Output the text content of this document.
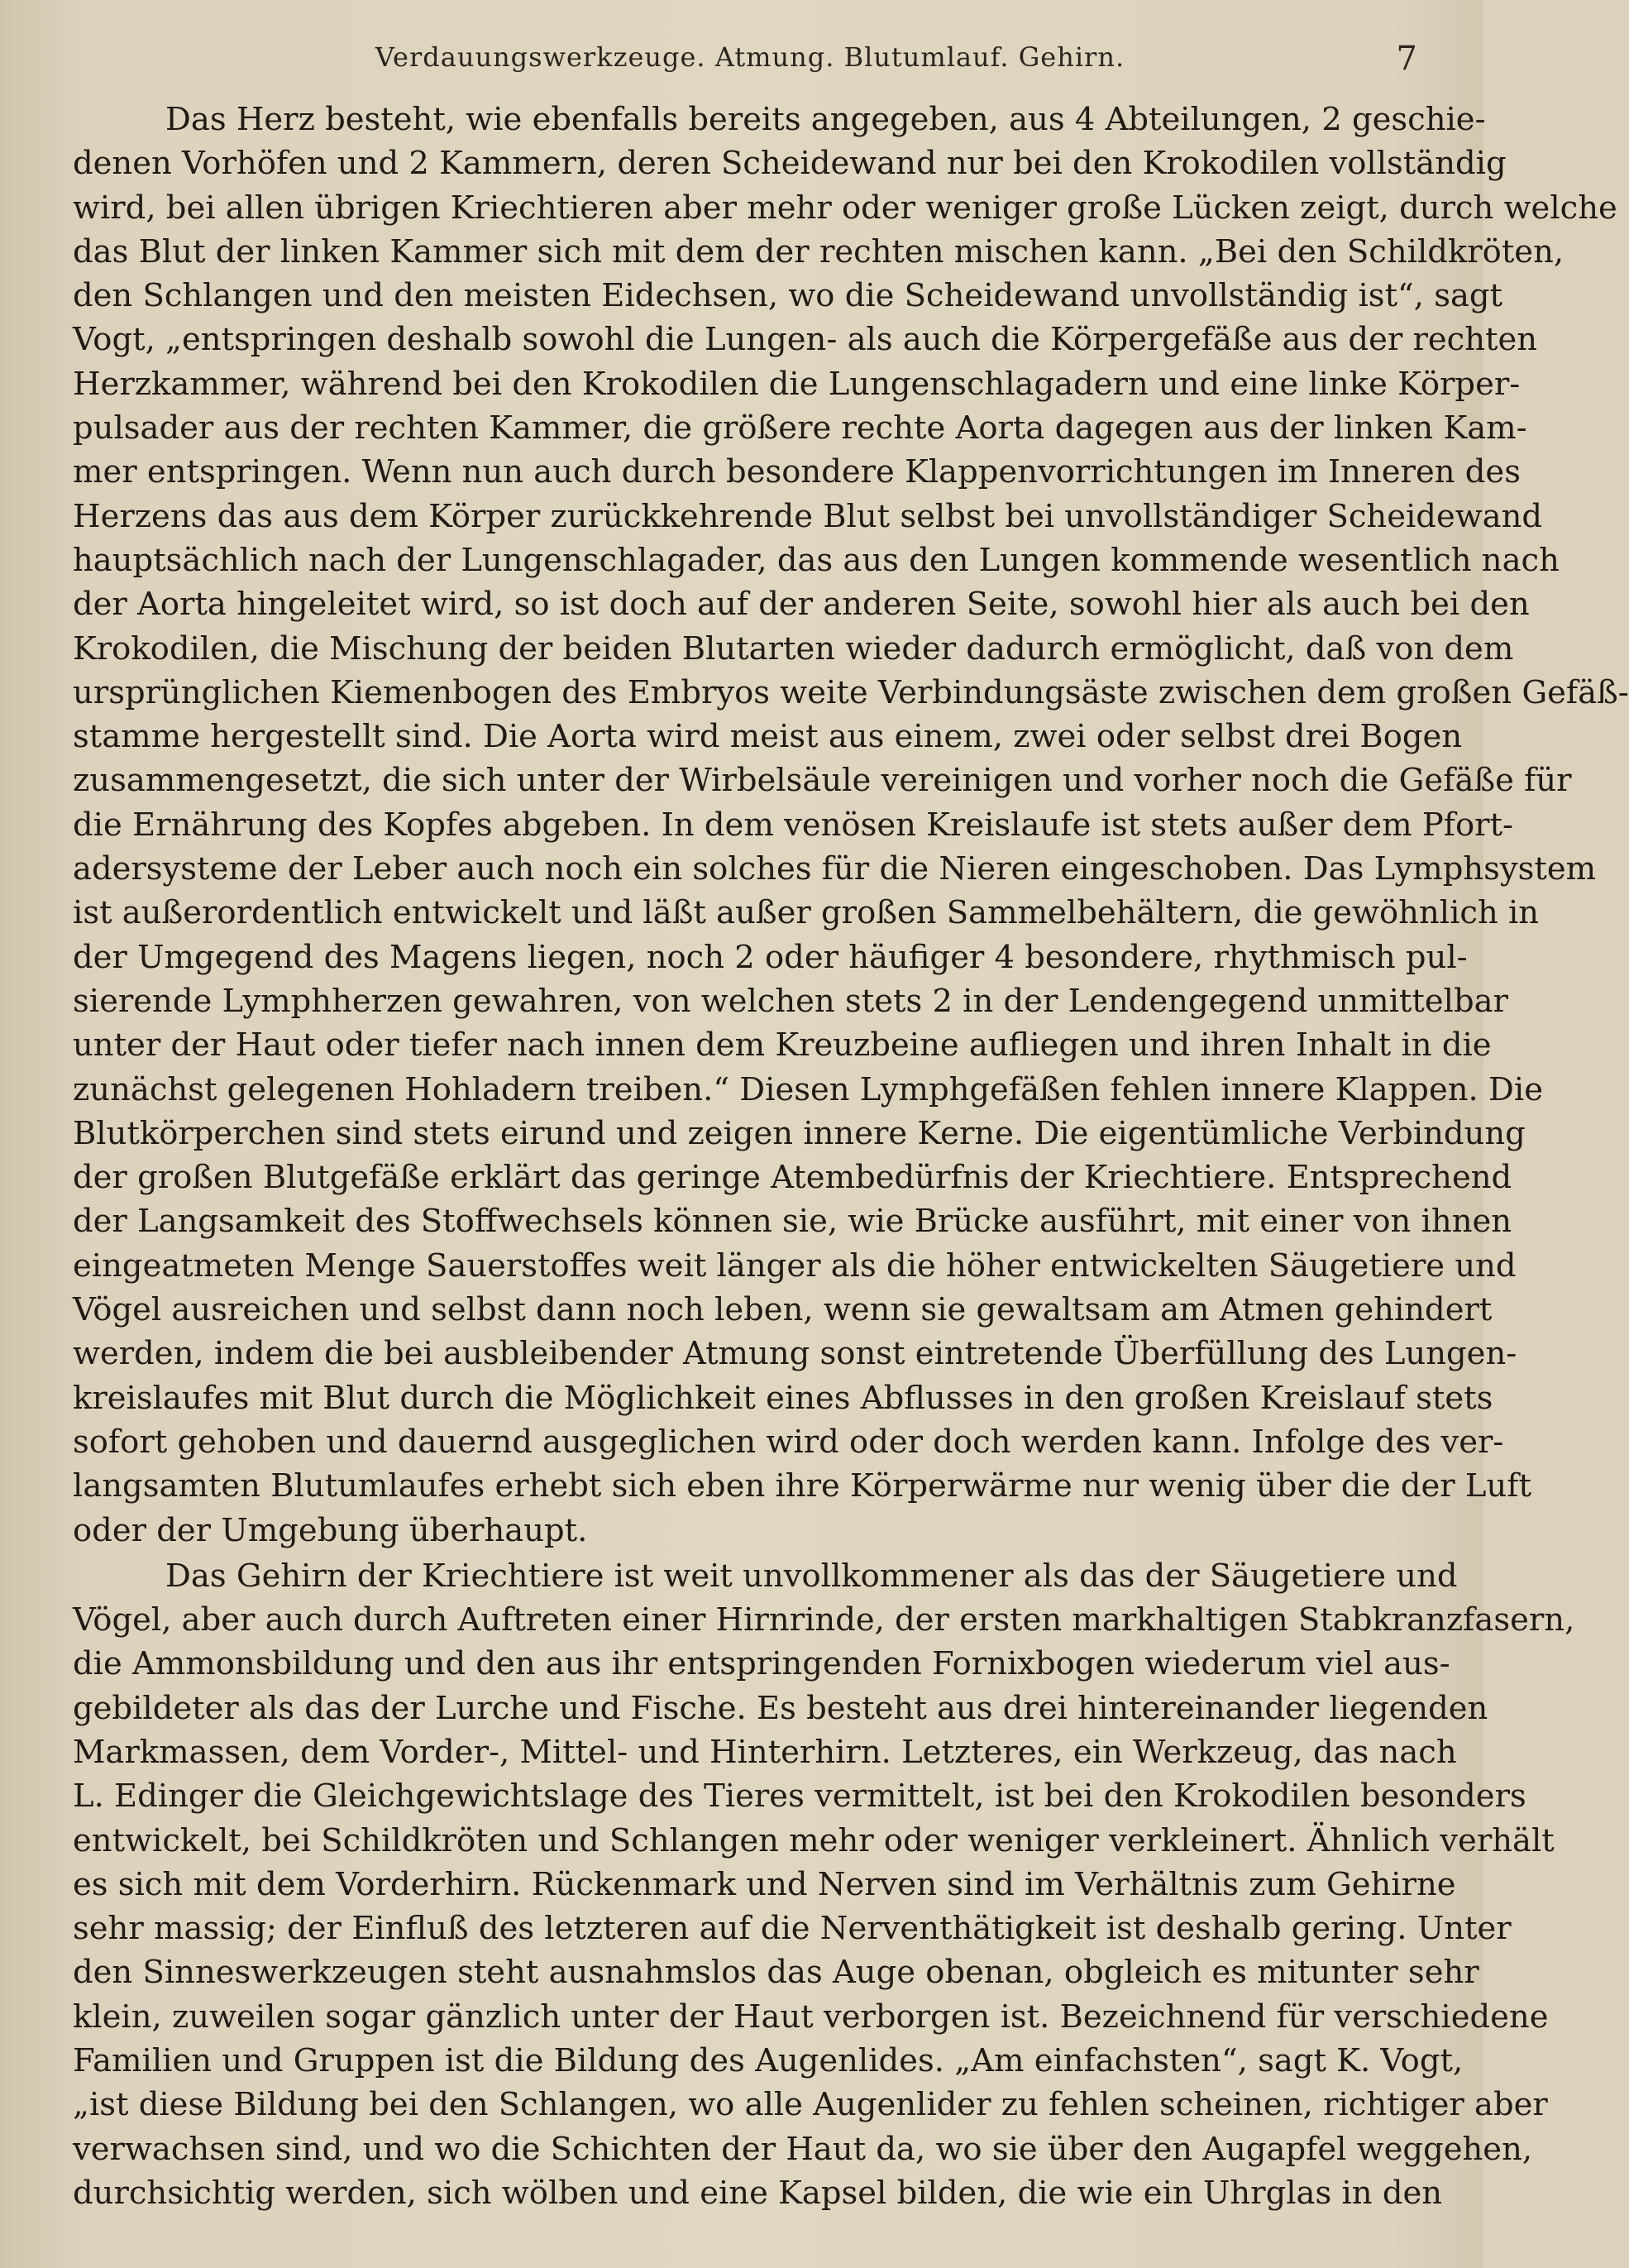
Verdauungswerkzeuge. Atmung. Blutumlauf. Gehirn.	7
Das Herz besteht, wie ebenfalls bereits angegeben, aus 4 Abteilungen, 2 geschie-
denen Vorhöfen und 2 Kammern, deren Scheidewand nur bei den Krokodilen vollständig
wird, bei allen übrigen Kriechtieren aber mehr oder weniger große Lücken zeigt, durch welche
das Blut der linken Kammer sich mit dem der rechten mischen kann. „Bei den Schildkröten,
den Schlangen und den meisten Eidechsen, wo die Scheidewand unvollständig ist“, sagt
Vogt, „entspringen deshalb sowohl die Lungen- als auch die Körpergefäße aus der rechten
Herzkammer, während bei den Krokodilen die Lungenschlagadern und eine linke Körper-
pulsader aus der rechten Kammer, die größere rechte Aorta dagegen aus der linken Kam-
mer entspringen. Wenn nun auch durch besondere Klappenvorrichtungen im Inneren des
Herzens das aus dem Körper zurückkehrende Blut selbst bei unvollständiger Scheidewand
hauptsächlich nach der Lungenschlagader, das aus den Lungen kommende wesentlich nach
der Aorta hingeleitet wird, so ist doch auf der anderen Seite, sowohl hier als auch bei den
Krokodilen, die Mischung der beiden Blutarten wieder dadurch ermöglicht, daß von dem
ursprünglichen Kiemenbogen des Embryos weite Verbindungsäste zwischen dem großen Gefäß-
stamme hergestellt sind. Die Aorta wird meist aus einem, zwei oder selbst drei Bogen
zusammengesetzt, die sich unter der Wirbelsäule vereinigen und vorher noch die Gefäße für
die Ernährung des Kopfes abgeben. In dem venösen Kreislaufe ist stets außer dem Pfort-
adersysteme der Leber auch noch ein solches für die Nieren eingeschoben. Das Lymphsystem
ist außerordentlich entwickelt und läßt außer großen Sammelbehältern, die gewöhnlich in
der Umgegend des Magens liegen, noch 2 oder häufiger 4 besondere, rhythmisch pul-
sierende Lymphherzen gewahren, von welchen stets 2 in der Lendengegend unmittelbar
unter der Haut oder tiefer nach innen dem Kreuzbeine aufliegen und ihren Inhalt in die
zunächst gelegenen Hohladern treiben.“ Diesen Lymphgefäßen fehlen innere Klappen. Die
Blutkörperchen sind stets eirund und zeigen innere Kerne. Die eigentümliche Verbindung
der großen Blutgefäße erklärt das geringe Atembedürfnis der Kriechtiere. Entsprechend
der Langsamkeit des Stoffwechsels können sie, wie Brücke ausführt, mit einer von ihnen
eingeatmeten Menge Sauerstoffes weit länger als die höher entwickelten Säugetiere und
Vögel ausreichen und selbst dann noch leben, wenn sie gewaltsam am Atmen gehindert
werden, indem die bei ausbleibender Atmung sonst eintretende Überfüllung des Lungen-
kreislaufes mit Blut durch die Möglichkeit eines Abflusses in den großen Kreislauf stets
sofort gehoben und dauernd ausgeglichen wird oder doch werden kann. Infolge des ver-
langsamten Blutumlaufes erhebt sich eben ihre Körperwärme nur wenig über die der Luft
oder der Umgebung überhaupt.
Das Gehirn der Kriechtiere ist weit unvollkommener als das der Säugetiere und
Vögel, aber auch durch Auftreten einer Hirnrinde, der ersten markhaltigen Stabkranzfasern,
die Ammonsbildung und den aus ihr entspringenden Fornixbogen wiederum viel aus-
gebildeter als das der Lurche und Fische. Es besteht aus drei hintereinander liegenden
Markmassen, dem Vorder-, Mittel- und Hinterhirn. Letzteres, ein Werkzeug, das nach
L. Edinger die Gleichgewichtslage des Tieres vermittelt, ist bei den Krokodilen besonders
entwickelt, bei Schildkröten und Schlangen mehr oder weniger verkleinert. Ähnlich verhält
es sich mit dem Vorderhirn. Rückenmark und Nerven sind im Verhältnis zum Gehirne
sehr massig; der Einfluß des letzteren auf die Nerventhätigkeit ist deshalb gering. Unter
den Sinneswerkzeugen steht ausnahmslos das Auge obenan, obgleich es mitunter sehr
klein, zuweilen sogar gänzlich unter der Haut verborgen ist. Bezeichnend für verschiedene
Familien und Gruppen ist die Bildung des Augenlides. „Am einfachsten“, sagt K. Vogt,
„ist diese Bildung bei den Schlangen, wo alle Augenlider zu fehlen scheinen, richtiger aber
verwachsen sind, und wo die Schichten der Haut da, wo sie über den Augapfel weggehen,
durchsichtig werden, sich wölben und eine Kapsel bilden, die wie ein Uhrglas in den
